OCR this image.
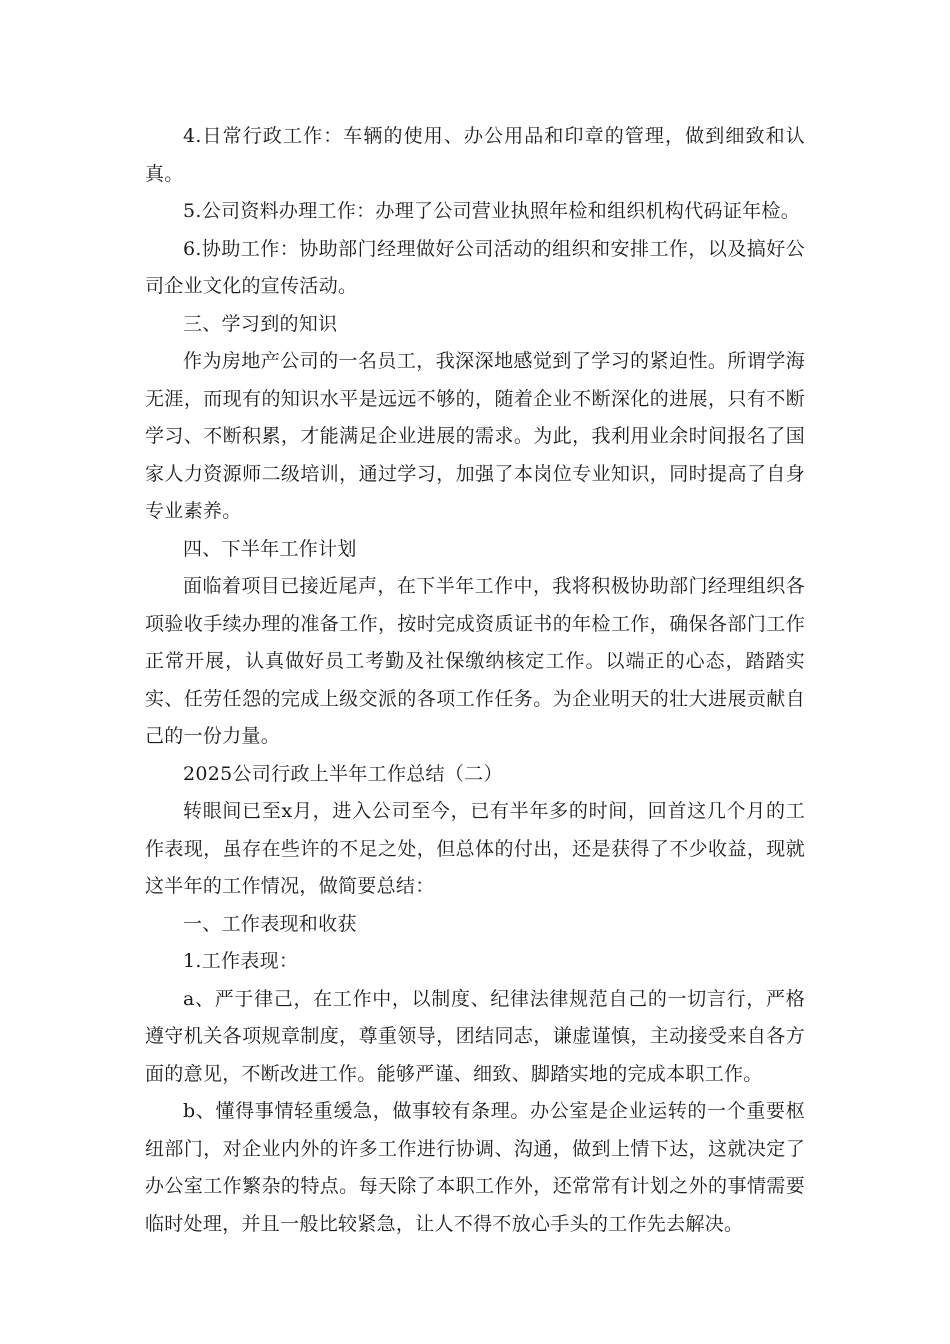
4.日常行政工作：车辆的使用、办公用品和印章的管理，做到细致和认真。

5.公司资料办理工作：办理了公司营业执照年检和组织机构代码证年检。

6.协助工作：协助部门经理做好公司活动的组织和安排工作，以及搞好公司企业文化的宣传活动。

三、学习到的知识

作为房地产公司的一名员工，我深深地感觉到了学习的紧迫性。所谓学海无涯，而现有的知识水平是远远不够的，随着企业不断深化的进展，只有不断学习、不断积累，才能满足企业进展的需求。为此，我利用业余时间报名了国家人力资源师二级培训，通过学习，加强了本岗位专业知识，同时提高了自身专业素养。

四、下半年工作计划

面临着项目已接近尾声，在下半年工作中，我将积极协助部门经理组织各项验收手续办理的准备工作，按时完成资质证书的年检工作，确保各部门工作正常开展，认真做好员工考勤及社保缴纳核定工作。以端正的心态，踏踏实实、任劳任怨的完成上级交派的各项工作任务。为企业明天的壮大进展贡献自己的一份力量。

2025公司行政上半年工作总结（二）

转眼间已至x月，进入公司至今，已有半年多的时间，回首这几个月的工作表现，虽存在些许的不足之处，但总体的付出，还是获得了不少收益，现就这半年的工作情况，做简要总结：

一、工作表现和收获

1.工作表现：

a、严于律己，在工作中，以制度、纪律法律规范自己的一切言行，严格遵守机关各项规章制度，尊重领导，团结同志，谦虚谨慎，主动接受来自各方面的意见，不断改进工作。能够严谨、细致、脚踏实地的完成本职工作。

b、懂得事情轻重缓急，做事较有条理。办公室是企业运转的一个重要枢纽部门，对企业内外的许多工作进行协调、沟通，做到上情下达，这就决定了办公室工作繁杂的特点。每天除了本职工作外，还常常有计划之外的事情需要临时处理，并且一般比较紧急，让人不得不放心手头的工作先去解决。
